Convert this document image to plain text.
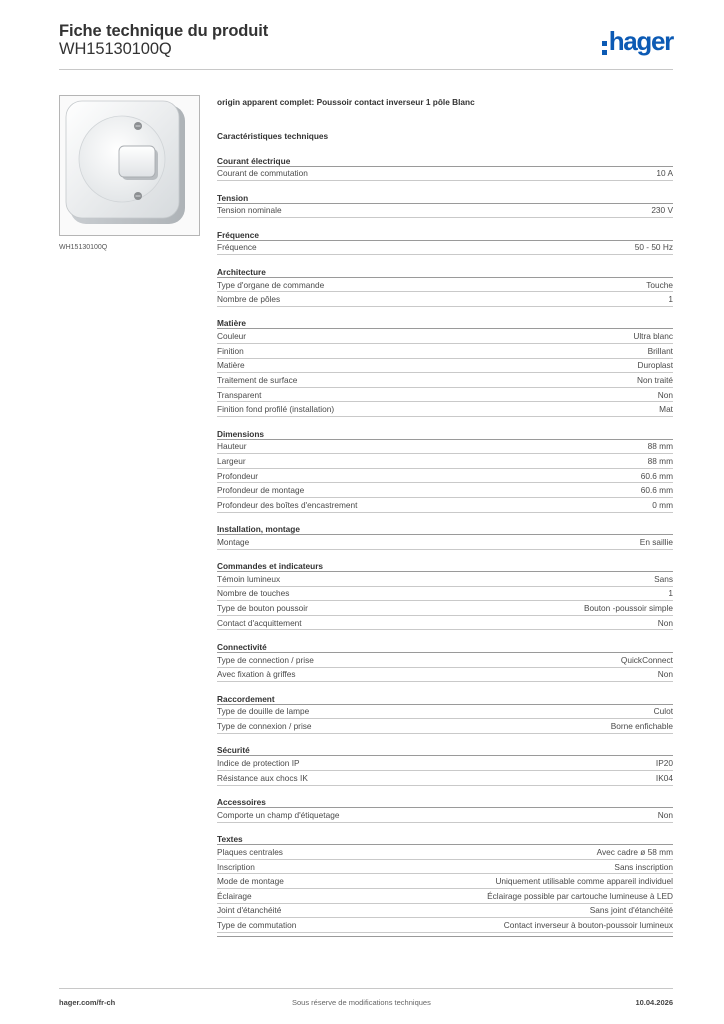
Fiche technique du produit
WH15130100Q	hager
WH15130100Q
origin apparent complet: Poussoir contact inverseur 1 pôle Blanc
Caractéristiques techniques
Courant électrique
Courant de commutation	10 A
Tension
Tension nominale	230 V
Fréquence
Fréquence	50 - 50 Hz
Architecture
Type d'organe de commande	Touche
Nombre de pôles	1
Matière
Couleur	Ultra blanc
Finition	Brillant
Matière	Duroplast
Traitement de surface	Non traité
Transparent	Non
Finition fond profilé (installation)	Mat
Dimensions
Hauteur	88 mm
Largeur	88 mm
Profondeur	60.6 mm
Profondeur de montage	60.6 mm
Profondeur des boîtes d'encastrement	0 mm
Installation, montage
Montage	En saillie
Commandes et indicateurs
Témoin lumineux	Sans
Nombre de touches	1
Type de bouton poussoir	Bouton -poussoir simple
Contact d'acquittement	Non
Connectivité
Type de connection / prise	QuickConnect
Avec fixation à griffes	Non
Raccordement
Type de douille de lampe	Culot
Type de connexion / prise	Borne enfichable
Sécurité
Indice de protection IP	IP20
Résistance aux chocs IK	IK04
Accessoires
Comporte un champ d'étiquetage	Non
Textes
Plaques centrales	Avec cadre ø 58 mm
Inscription	Sans inscription
Mode de montage	Uniquement utilisable comme appareil individuel
Éclairage	Éclairage possible par cartouche lumineuse à LED
Joint d'étanchéité	Sans joint d'étanchéité
Type de commutation	Contact inverseur à bouton-poussoir lumineux
hager.com/fr-ch	Sous réserve de modifications techniques	10.04.2026
